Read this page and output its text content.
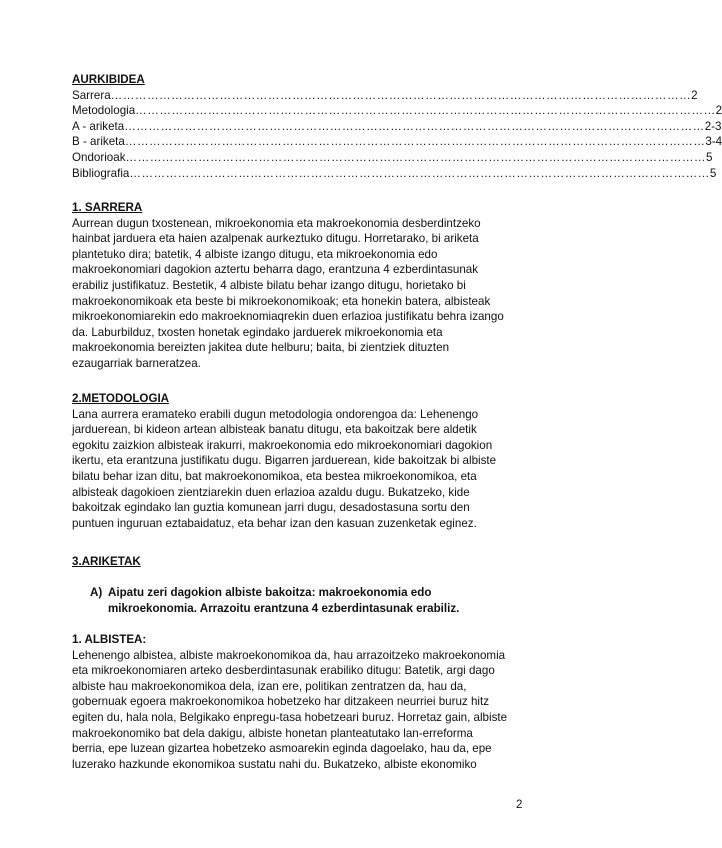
AURKIBIDEA
Sarrera ……………………………………………………………………………………………………………………………… 2
Metodologia ……………………………………………………………………………………………………………………………… 2
A - ariketa ……………………………………………………………………………………………………………………………… 2-3
B - ariketa ……………………………………………………………………………………………………………………………… 3-4
Ondorioak ……………………………………………………………………………………………………………………………… 5
Bibliografia ……………………………………………………………………………………………………………………………… 5
1. SARRERA
Aurrean dugun txostenean, mikroekonomia eta makroekonomia desberdintzeko
hainbat jarduera eta haien azalpenak aurkeztuko ditugu. Horretarako, bi ariketa
plantetuko dira; batetik, 4 albiste izango ditugu, eta mikroekonomia edo
makroekonomiari dagokion aztertu beharra dago, erantzuna 4 ezberdintasunak
erabiliz justifikatuz. Bestetik, 4 albiste bilatu behar izango ditugu, horietako bi
makroekonomikoak eta beste bi mikroekonomikoak; eta honekin batera, albisteak
mikroekonomiarekin edo makroeknomiaqrekin duen erlazioa justifikatu behra izango
da. Laburbilduz, txosten honetak egindako jarduerek mikroekonomia eta
makroekonomia bereizten jakitea dute helburu; baita, bi zientziek dituzten
ezaugarriak barneratzea.
2.METODOLOGIA
Lana aurrera eramateko erabili dugun metodologia ondorengoa da: Lehenengo
jarduerean, bi kideon artean albisteak banatu ditugu, eta bakoitzak bere aldetik
egokitu zaizkion albisteak irakurri, makroekonomia edo mikroekonomiari dagokion
ikertu, eta erantzuna justifikatu dugu. Bigarren jarduerean, kide bakoitzak bi albiste
bilatu behar izan ditu, bat makroekonomikoa, eta bestea mikroekonomikoa, eta
albisteak dagokioen zientziarekin duen erlazioa azaldu dugu. Bukatzeko, kide
bakoitzak egindako lan guztia komunean jarri dugu, desadostasuna sortu den
puntuen inguruan eztabaidatuz, eta behar izan den kasuan zuzenketak eginez.
3.ARIKETAK
A) Aipatu zeri dagokion albiste bakoitza: makroekonomia edo
mikroekonomia. Arrazoitu erantzuna 4 ezberdintasunak erabiliz.
1. ALBISTEA:
Lehenengo albistea, albiste makroekonomikoa da, hau arrazoitzeko makroekonomia
eta mikroekonomiaren arteko desberdintasunak erabiliko ditugu: Batetik, argi dago
albiste hau makroekonomikoa dela, izan ere, politikan zentratzen da, hau da,
gobernuak egoera makroekonomikoa hobetzeko har ditzakeen neurriei buruz hitz
egiten du, hala nola, Belgikako enpregu-tasa hobetzeari buruz. Horretaz gain, albiste
makroekonomiko bat dela dakigu, albiste honetan planteatutako lan-erreforma
berria, epe luzean gizartea hobetzeko asmoarekin egindа dagoelako, hau da, epe
luzerako hazkunde ekonomikoa sustatu nahi du. Bukatzeko, albiste ekonomiko
2
